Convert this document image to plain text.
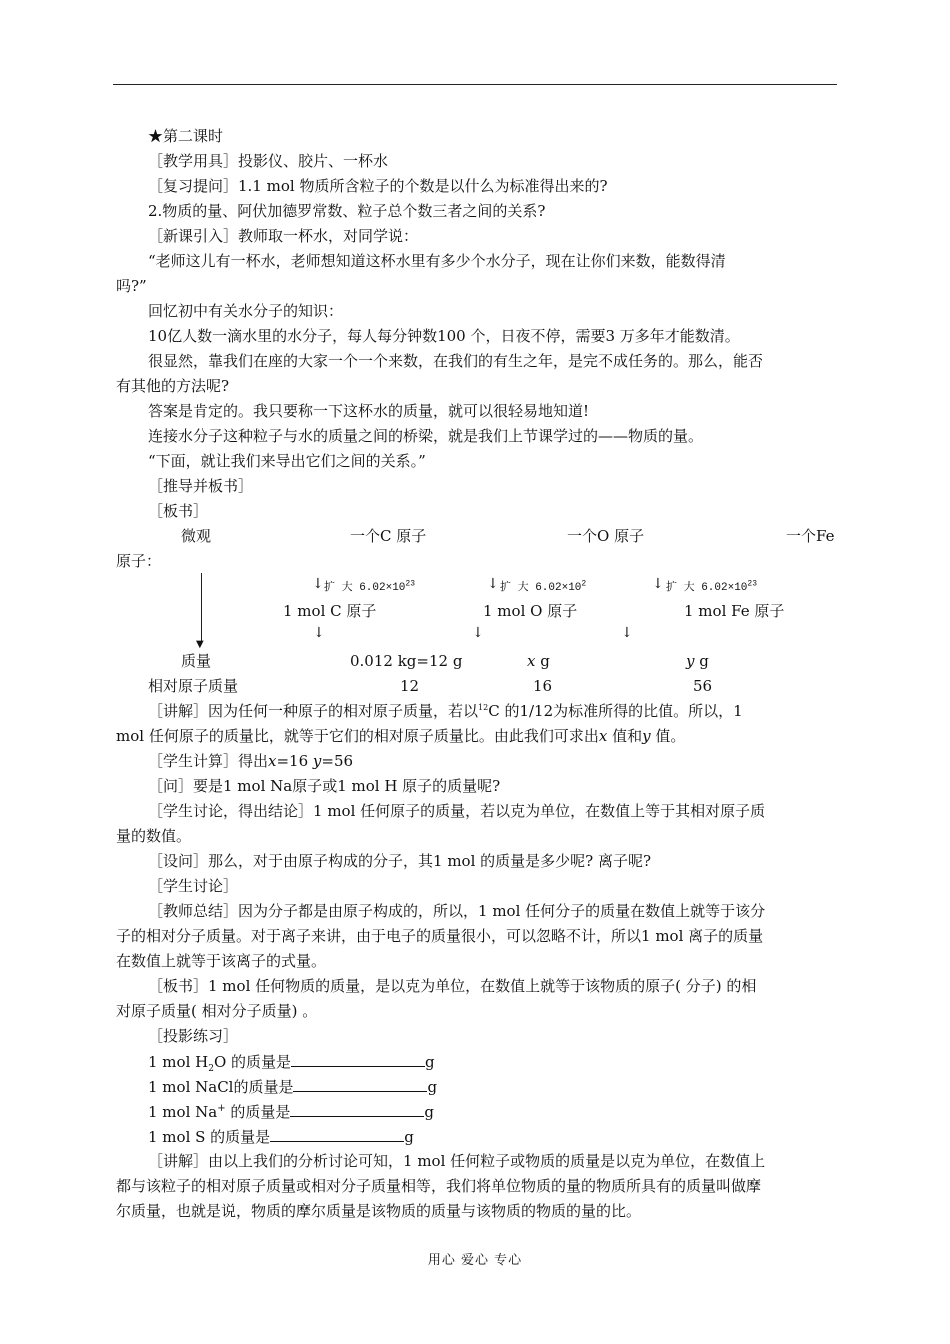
★第二课时
［教学用具］投影仪、胶片、一杯水
［复习提问］1.1 mol 物质所含粒子的个数是以什么为标准得出来的?
2.物质的量、阿伏加德罗常数、粒子总个数三者之间的关系?
［新课引入］教师取一杯水，对同学说：
“老师这儿有一杯水，老师想知道这杯水里有多少个水分子，现在让你们来数，能数得清
吗?”
回忆初中有关水分子的知识：
10亿人数一滴水里的水分子，每人每分钟数100 个，日夜不停，需要3 万多年才能数清。
很显然，靠我们在座的大家一个一个来数，在我们的有生之年，是完不成任务的。那么，能否
有其他的方法呢?
答案是肯定的。我只要称一下这杯水的质量，就可以很轻易地知道!
连接水分子这种粒子与水的质量之间的桥梁，就是我们上节课学过的——物质的量。
“下面，就让我们来导出它们之间的关系。”
［推导并板书］
［板书］
微观	一个C 原子	一个O 原子	一个Fe
原子：
▼
↓ 扩 大 $6.02\times 10^{23}$	↓ 扩 大 $6.02\times 10^2$	↓ 扩 大 $6.02\times 10^{23}$
1 mol C 原子	1 mol O 原子	1 mol Fe 原子
↓	↓	↓
质量	0.012 kg=12 g	x g	y g
相对原子质量	12	16	56
［讲解］因为任何一种原子的相对原子质量，若以$^{12}$C 的1/12为标准所得的比值。所以，1
mol 任何原子的质量比，就等于它们的相对原子质量比。由此我们可求出x 值和y 值。
［学生计算］得出x=16 y=56
［问］要是1 mol Na原子或1 mol H 原子的质量呢?
［学生讨论，得出结论］1 mol 任何原子的质量，若以克为单位，在数值上等于其相对原子质
量的数值。
［设问］那么，对于由原子构成的分子，其1 mol 的质量是多少呢? 离子呢?
［学生讨论］
［教师总结］因为分子都是由原子构成的，所以，1 mol 任何分子的质量在数值上就等于该分
子的相对分子质量。对于离子来讲，由于电子的质量很小，可以忽略不计，所以1 mol 离子的质量
在数值上就等于该离子的式量。
［板书］1 mol 任何物质的质量，是以克为单位，在数值上就等于该物质的原子( 分子) 的相
对原子质量( 相对分子质量) 。
［投影练习］
1 mol $H_2O$ 的质量是	g
1 mol NaCl的质量是	g
1 mol Na+ 的质量是	g
1 mol S 的质量是	g
［讲解］由以上我们的分析讨论可知，1 mol 任何粒子或物质的质量是以克为单位，在数值上
都与该粒子的相对原子质量或相对分子质量相等，我们将单位物质的量的物质所具有的质量叫做摩
尔质量，也就是说，物质的摩尔质量是该物质的质量与该物质的物质的量的比。
用心 爱心 专心
